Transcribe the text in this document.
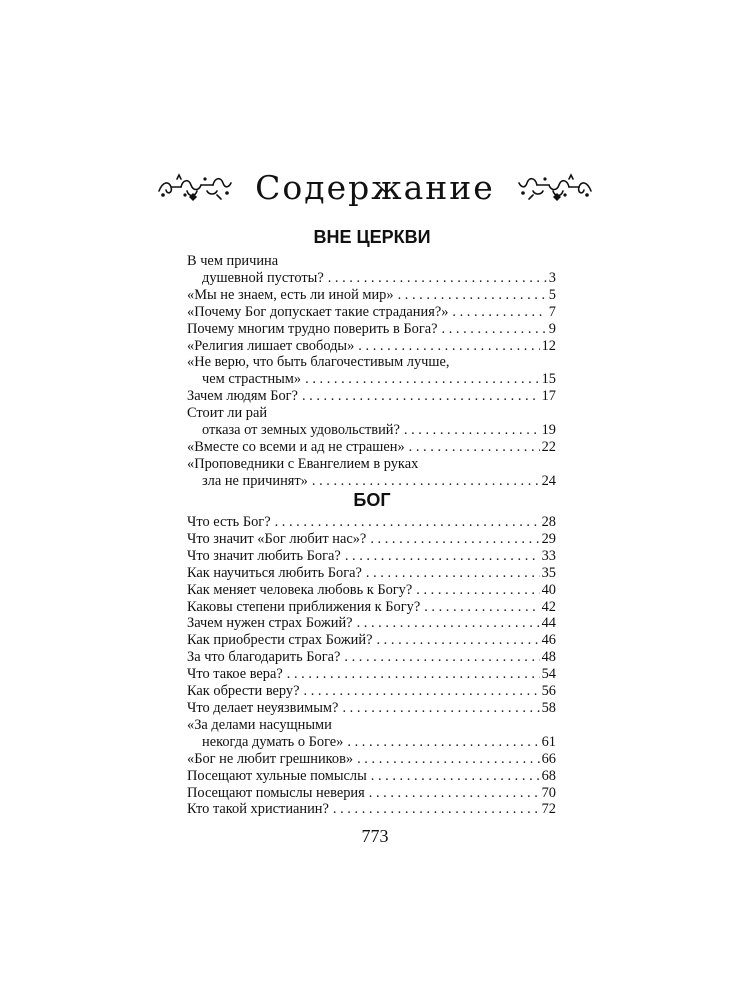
Содержание
ВНЕ ЦЕРКВИ
В чем причина
душевной пустоты? . . .	3
«Мы не знаем, есть ли иной мир» . . .	5
«Почему Бог допускает такие страдания?» . . .	7
Почему многим трудно поверить в Бога? . . .	9
«Религия лишает свободы» . . .	12
«Не верю, что быть благочестивым лучше,
чем страстным» . . .	15
Зачем людям Бог? . . .	17
Стоит ли рай
отказа от земных удовольствий? . . .	19
«Вместе со всеми и ад не страшен» . . .	22
«Проповедники с Евангелием в руках
зла не причинят» . . .	24
БОГ
Что есть Бог? . . .	28
Что значит «Бог любит нас»? . . .	29
Что значит любить Бога? . . .	33
Как научиться любить Бога? . . .	35
Как меняет человека любовь к Богу? . . .	40
Каковы степени приближения к Богу? . . .	42
Зачем нужен страх Божий? . . .	44
Как приобрести страх Божий? . . .	46
За что благодарить Бога? . . .	48
Что такое вера? . . .	54
Как обрести веру? . . .	56
Что делает неуязвимым? . . .	58
«За делами насущными
некогда думать о Боге» . . .	61
«Бог не любит грешников» . . .	66
Посещают хульные помыслы . . .	68
Посещают помыслы неверия . . .	70
Кто такой христианин? . . .	72
773
